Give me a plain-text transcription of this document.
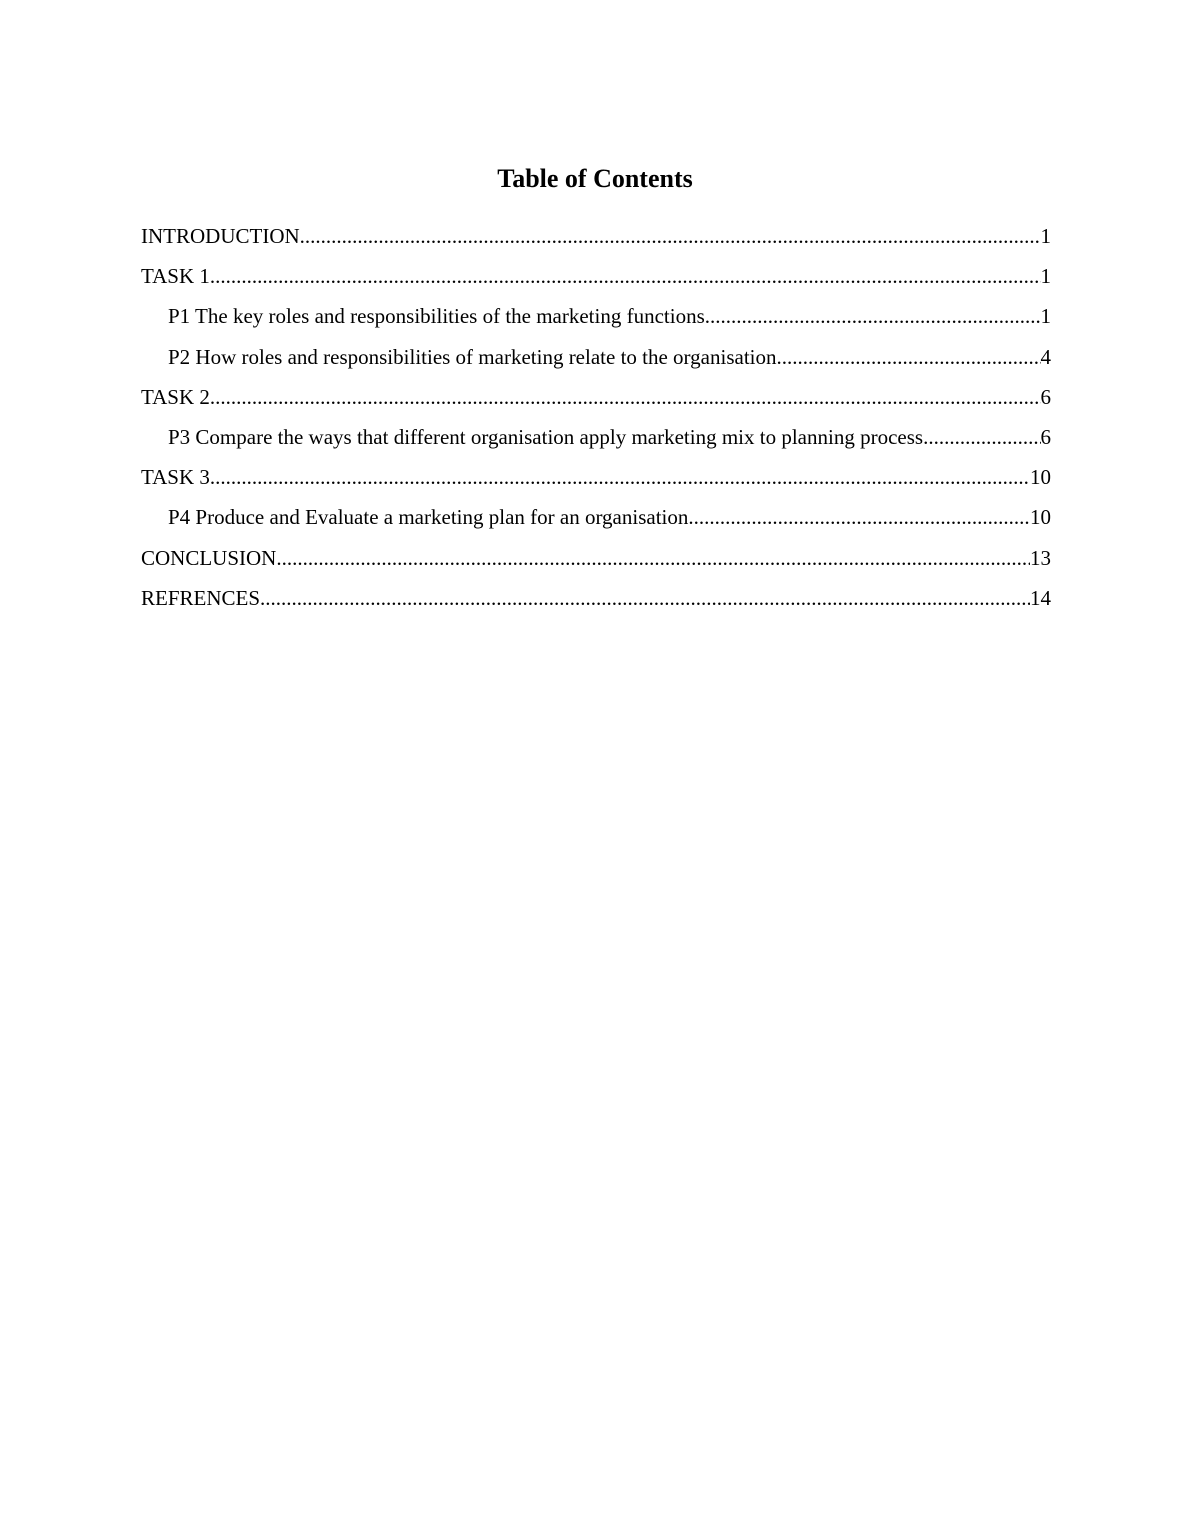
Table of Contents
INTRODUCTION .....	1
TASK 1 .....	1
P1 The key roles and responsibilities of the marketing functions .....	1
P2 How roles and responsibilities of marketing relate to the organisation .....	4
TASK 2 .....	6
P3 Compare the ways that different organisation apply marketing mix to planning process .....	6
TASK 3 .....	10
P4 Produce and Evaluate a marketing plan for an organisation .....	10
CONCLUSION .....	13
REFRENCES .....	14
